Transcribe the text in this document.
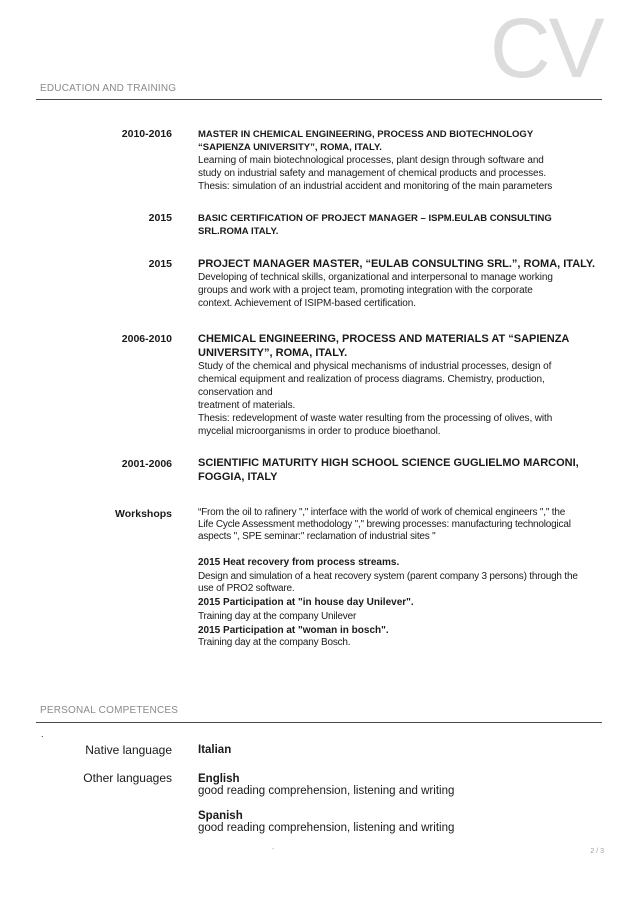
CV
EDUCATION AND TRAINING
2010-2016	MASTER IN CHEMICAL ENGINEERING, PROCESS AND BIOTECHNOLOGY
“SAPIENZA UNIVERSITY”, ROMA, ITALY.
Learning of main biotechnological processes, plant design through software and
study on industrial safety and management of chemical products and processes.
Thesis: simulation of an industrial accident and monitoring of the main parameters
2015	BASIC CERTIFICATION OF PROJECT MANAGER – ISPM.EULAB CONSULTING
SRL.ROMA ITALY.
2015 PROJECT MANAGER MASTER, “EULAB CONSULTING SRL.”, ROMA, ITALY.
Developing of technical skills, organizational and interpersonal to manage working
groups and work with a project team, promoting integration with the corporate
context. Achievement of ISIPM-based certification.
2006-2010 CHEMICAL ENGINEERING, PROCESS AND MATERIALS AT “SAPIENZA
UNIVERSITY”, ROMA, ITALY.
Study of the chemical and physical mechanisms of industrial processes, design of
chemical equipment and realization of process diagrams. Chemistry, production,
conservation and
treatment of materials.
Thesis: redevelopment of waste water resulting from the processing of olives, with
mycelial microorganisms in order to produce bioethanol.
2001-2006 SCIENTIFIC MATURITY HIGH SCHOOL SCIENCE GUGLIELMO MARCONI,
FOGGIA, ITALY
Workshops	“From the oil to rafinery "," interface with the world of work of chemical engineers "," the
Life Cycle Assessment methodology "," brewing processes: manufacturing technological
aspects ", SPE seminar:" reclamation of industrial sites "
2015 Heat recovery from process streams.
Design and simulation of a heat recovery system (parent company 3 persons) through the
use of PRO2 software.
2015 Participation at "in house day Unilever".
Training day at the company Unilever
2015 Participation at "woman in bosch".
Training day at the company Bosch.
PERSONAL COMPETENCES
.
Native language Italian
Other languages English
good reading comprehension, listening and writing
Spanish
good reading comprehension, listening and writing
-	2 / 3
